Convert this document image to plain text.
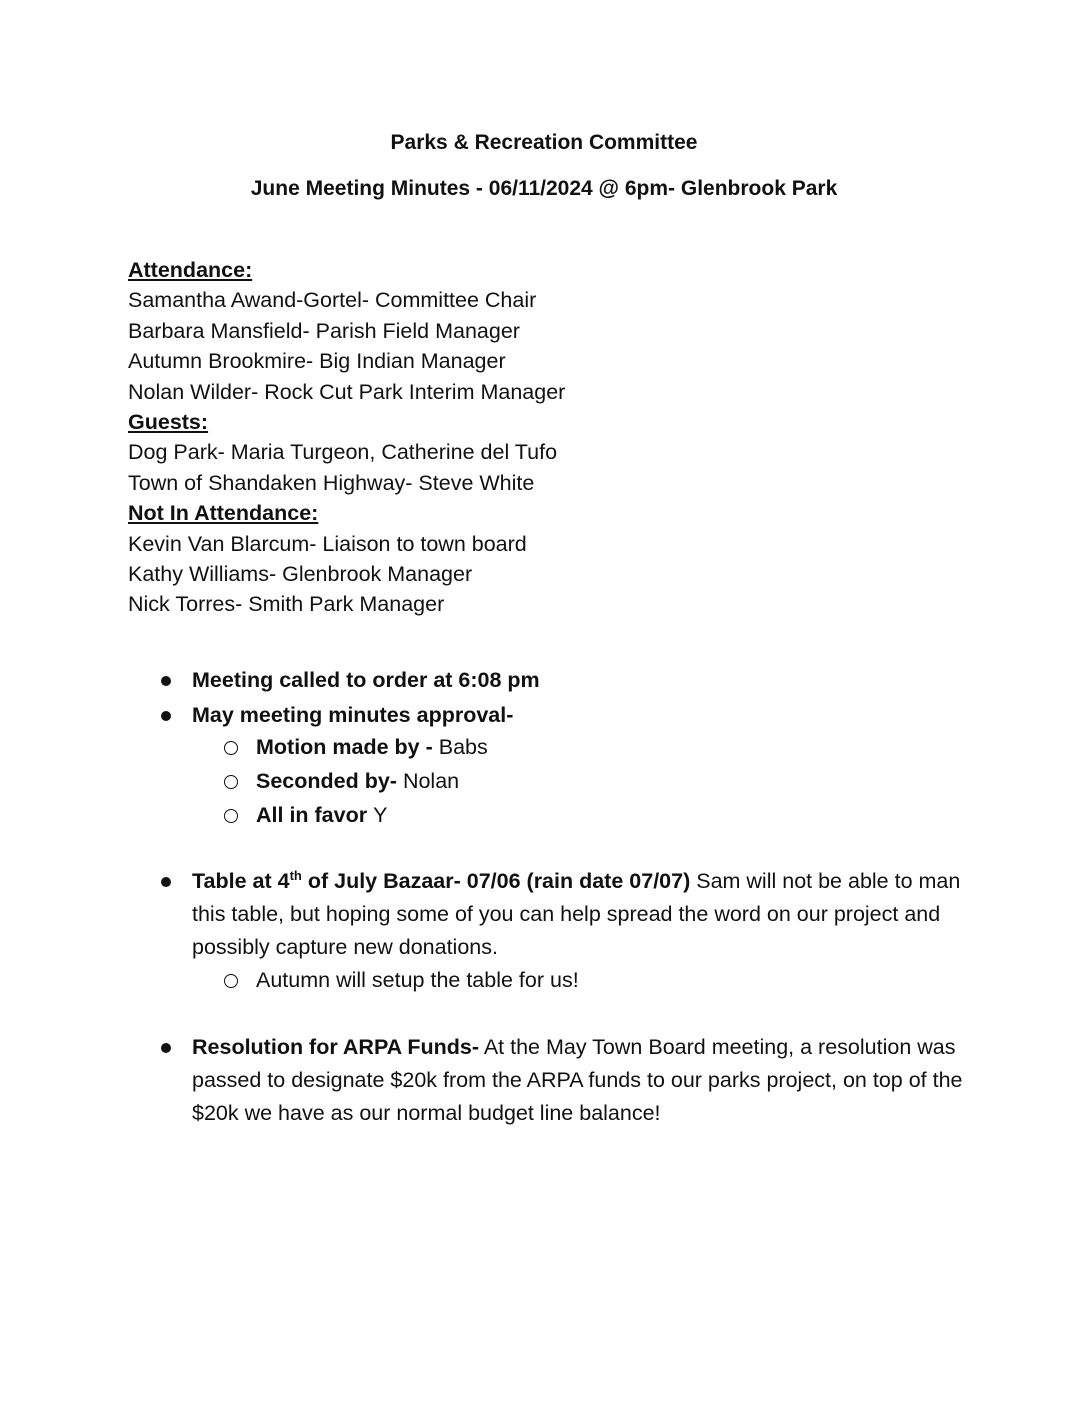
Parks & Recreation Committee
June Meeting Minutes - 06/11/2024 @ 6pm- Glenbrook Park
Attendance:
Samantha Awand-Gortel- Committee Chair
Barbara Mansfield- Parish Field Manager
Autumn Brookmire- Big Indian Manager
Nolan Wilder- Rock Cut Park Interim Manager
Guests:
Dog Park- Maria Turgeon, Catherine del Tufo
Town of Shandaken Highway- Steve White
Not In Attendance:
Kevin Van Blarcum- Liaison to town board
Kathy Williams- Glenbrook Manager
Nick Torres- Smith Park Manager
Meeting called to order at 6:08 pm
May meeting minutes approval-
Motion made by - Babs
Seconded by- Nolan
All in favor Y
Table at 4th of July Bazaar- 07/06 (rain date 07/07) Sam will not be able to man this table, but hoping some of you can help spread the word on our project and possibly capture new donations.
Autumn will setup the table for us!
Resolution for ARPA Funds- At the May Town Board meeting, a resolution was passed to designate $20k from the ARPA funds to our parks project, on top of the $20k we have as our normal budget line balance!
